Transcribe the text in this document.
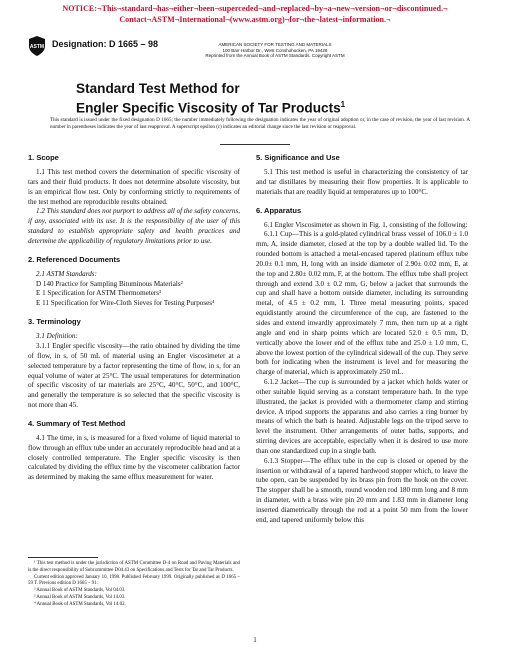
NOTICE:¬This¬standard¬has¬either¬been¬superceded¬and¬replaced¬by¬a¬new¬version¬or¬discontinued.¬
Contact¬ASTM¬International¬(www.astm.org)¬for¬the¬latest¬information.¬
ASTM Designation: D 1665 – 98	AMERICAN SOCIETY FOR TESTING AND MATERIALS
100 Barr Harbor Dr., West Conshohocken, PA 19428
Reprinted from the Annual Book of ASTM Standards. Copyright ASTM
Standard Test Method for
Engler Specific Viscosity of Tar Products$^1$
This standard is issued under the fixed designation D 1665; the number immediately following the designation indicates the year of original adoption or, in the case of revision, the year of last revision. A number in parentheses indicates the year of last reapproval. A superscript epsilon (ε) indicates an editorial change since the last revision or reapproval.
1. Scope

1.1 This test method covers the determination of specific viscosity of tars and their fluid products. It does not determine absolute viscosity, but is an empirical flow test. Only by conforming strictly to requirements of the test method are reproducible results obtained.

1.2 This standard does not purport to address all of the safety concerns, if any, associated with its use. It is the responsibility of the user of this standard to establish appropriate safety and health practices and determine the applicability of regulatory limitations prior to use.

2. Referenced Documents

2.1 ASTM Standards:

D 140 Practice for Sampling Bituminous Materials²

E 1 Specification for ASTM Thermometers³

E 11 Specification for Wire-Cloth Sieves for Testing Purposes⁴

3. Terminology

3.1 Definition:

3.1.1 Engler specific viscosity—the ratio obtained by dividing the time of flow, in s, of 50 mL of material using an Engler viscosimeter at a selected temperature by a factor representing the time of flow, in s, for an equal volume of water at 25°C. The usual temperatures for determination of specific viscosity of tar materials are 25°C, 40°C, 50°C, and 100°C, and generally the temperature is so selected that the specific viscosity is not more than 45.

4. Summary of Test Method

4.1 The time, in s, is measured for a fixed volume of liquid material to flow through an efflux tube under an accurately reproducible head and at a closely controlled temperature. The Engler specific viscosity is then calculated by dividing the efflux time by the viscometer calibration factor as determined by making the same efflux measurement for water.

5. Significance and Use

5.1 This test method is useful in characterizing the consistency of tar and tar distillates by measuring their flow properties. It is applicable to materials that are readily liquid at temperatures up to 100°C.

6. Apparatus

6.1 Engler Viscosimeter as shown in Fig. 1, consisting of the following:

6.1.1 Cup—This is a gold-plated cylindrical brass vessel of 106.0 ± 1.0 mm, A, inside diameter, closed at the top by a double walled lid. To the rounded bottom is attached a metal-encased tapered platinum efflux tube 20.0± 0.1 mm, H, long with an inside diameter of 2.90± 0.02 mm, E, at the top and 2.80± 0.02 mm, F, at the bottom. The efflux tube shall project through and extend 3.0 ± 0.2 mm, G, below a jacket that surrounds the cup and shall have a bottom outside diameter, including its surrounding metal, of 4.5 ± 0.2 mm, I. Three metal measuring points, spaced equidistantly around the circumference of the cup, are fastened to the sides and extend inwardly approximately 7 mm, then turn up at a right angle and end in sharp points which are located 52.0 ± 0.5 mm, D, vertically above the lower end of the efflux tube and 25.0 ± 1.0 mm, C, above the lowest portion of the cylindrical sidewall of the cup. They serve both for indicating when the instrument is level and for measuring the charge of material, which is approximately 250 mL.

6.1.2 Jacket—The cup is surrounded by a jacket which holds water or other suitable liquid serving as a constant temperature bath. In the type illustrated, the jacket is provided with a thermometer clamp and stirring device. A tripod supports the apparatus and also carries a ring burner by means of which the bath is heated. Adjustable legs on the tripod serve to level the instrument. Other arrangements of outer baths, supports, and stirring devices are acceptable, especially when it is desired to use more than one standardized cup in a single bath.

6.1.3 Stopper—The efflux tube in the cup is closed or opened by the insertion or withdrawal of a tapered hardwood stopper which, to leave the tube open, can be suspended by its brass pin from the hook on the cover. The stopper shall be a smooth, round wooden rod 180 mm long and 8 mm in diameter, with a brass wire pin 20 mm and 1.83 mm in diameter long inserted diametrically through the rod at a point 50 mm from the lower end, and tapered uniformly below this

¹ This test method is under the jurisdiction of ASTM Committee D-4 on Road and Paving Materials and is the direct responsibility of Subcommittee D04.43 on Specifications and Tests for Tar and Tar Products.

Current edition approved January 10, 1998. Published February 1999. Originally published as D 1665 – 59 T. Previous edition D 1665 – 91.

² Annual Book of ASTM Standards, Vol 04.03.

³ Annual Book of ASTM Standards, Vol 14.03.

⁴ Annual Book of ASTM Standards, Vol 14.02.

1
